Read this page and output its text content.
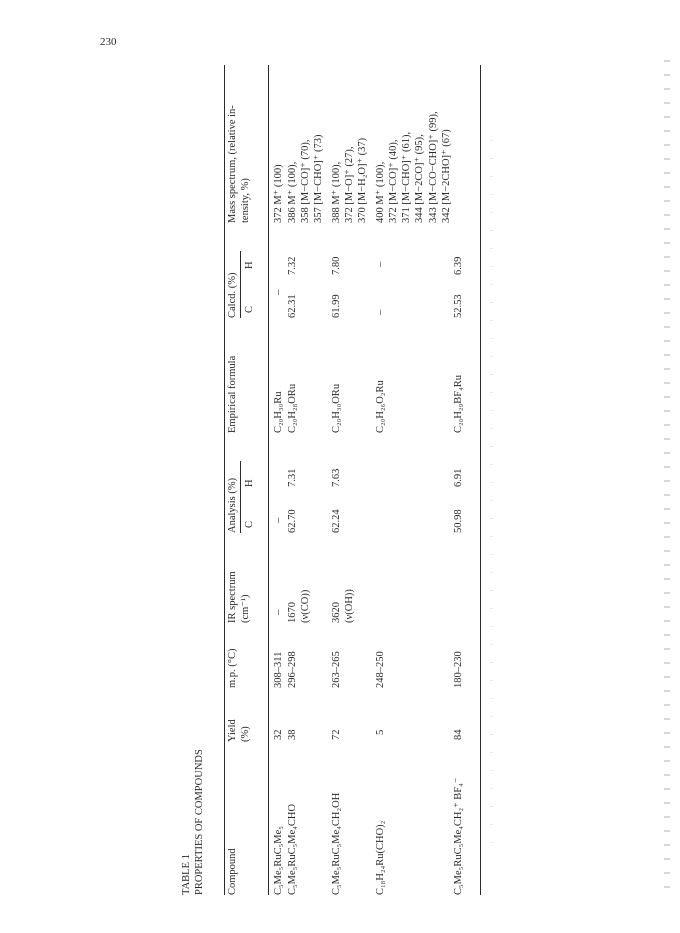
230
TABLE 1 PROPERTIES OF COMPOUNDS Compound
Yield (%)
m.p. (°C)
IR spectrum (cm⁻¹)
Analysis (%) C
H
Empirical formula
Calcd. (%) C
H
Mass spectrum, (relative in-tensity, %)
C₅Me₅RuC₅Me₅
32
308–311
–
–
C₂₀H₃₀Ru
–
372 M⁺ (100)
C₅Me₅RuC₅Me₄CHO
38
296–298
1670 (ν(CO))
62.70
7.31
C₂₀H₂₈ORu
62.31
7.32
386 M⁺ (100), 358 [M−CO]⁺ (70), 357 [M−CHO]⁺ (73)
C₅Me₅RuC₅Me₄CH₂OH
72
263–265
3620 (ν(OH))
62.24
7.63
C₂₀H₃₀ORu
61.99
7.80
388 M⁺ (100), 372 [M−O]⁺ (27), 370 [M−H₂O]⁺ (37)
C₁₈H₂₄Ru(CHO)₂
5
248–250
C₂₀H₂₆O₂Ru
–
–
400 M⁺ (100), 372 [M−CO]⁺ (40), 371 [M−CHO]⁺ (61), 344 [M−2CO]⁺ (95), 343 [M−CO−CHO]⁺ (99), 342 [M−2CHO]⁺ (67)
C₅Me₅RuC₅Me₄CH₂⁺ BF₄⁻
84
180–230
50.98
6.91
C₂₀H₂₉BF₄Ru
52.53
6.39
